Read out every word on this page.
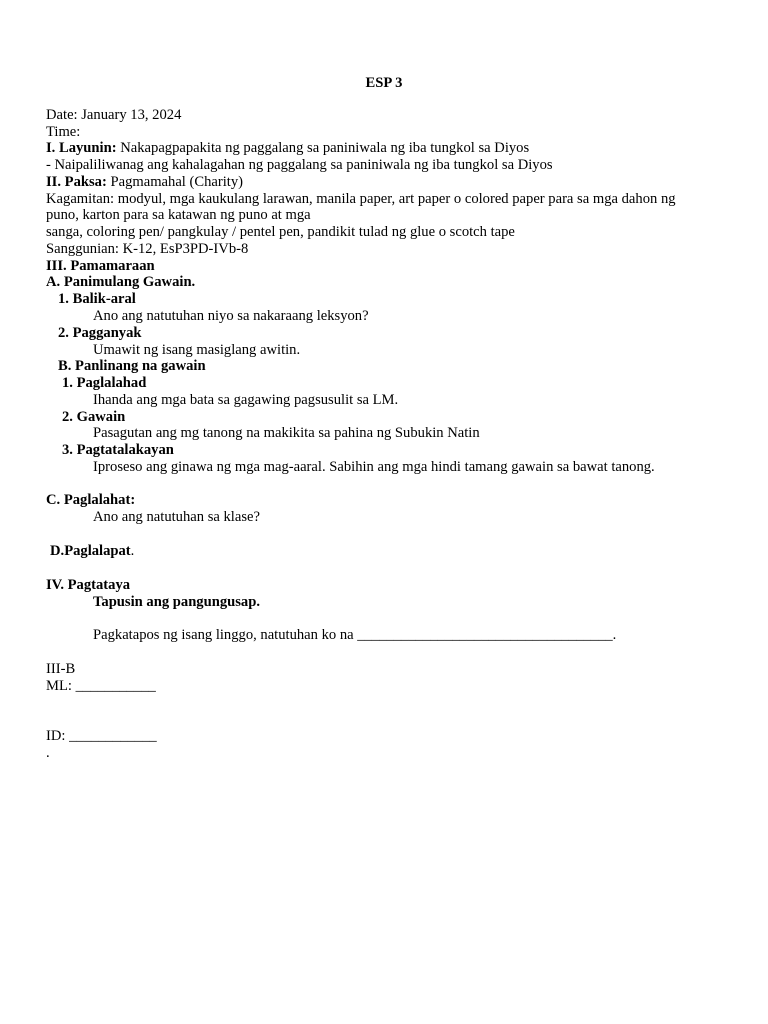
ESP 3
Date: January 13, 2024
Time:
I. Layunin: Nakapagpapakita ng paggalang sa paniniwala ng iba tungkol sa Diyos
- Naipaliliwanag ang kahalagahan ng paggalang sa paniniwala ng iba tungkol sa Diyos
II. Paksa: Pagmamahal (Charity)
Kagamitan: modyul, mga kaukulang larawan, manila paper, art paper o colored paper para sa mga dahon ng
puno, karton para sa katawan ng puno at mga
sanga, coloring pen/ pangkulay / pentel pen, pandikit tulad ng glue o scotch tape
Sanggunian: K-12, EsP3PD-IVb-8
III. Pamamaraan
A. Panimulang Gawain.
1. Balik-aral
Ano ang natutuhan niyo sa nakaraang leksyon?
2. Pagganyak
Umawit ng isang masiglang awitin.
B. Panlinang na gawain
1. Paglalahad
Ihanda ang mga bata sa gagawing pagsusulit sa LM.
2. Gawain
Pasagutan ang mg tanong na makikita sa pahina ng Subukin Natin
3. Pagtatalakayan
Iproseso ang ginawa ng mga mag-aaral. Sabihin ang mga hindi tamang gawain sa bawat tanong.
C. Paglalahat:
Ano ang natutuhan sa klase?
D.Paglalapat.
IV. Pagtataya
Tapusin ang pangungusap.
Pagkatapos ng isang linggo, natutuhan ko na ___________________________________.
III-B
ML: ___________
ID: ____________
.
